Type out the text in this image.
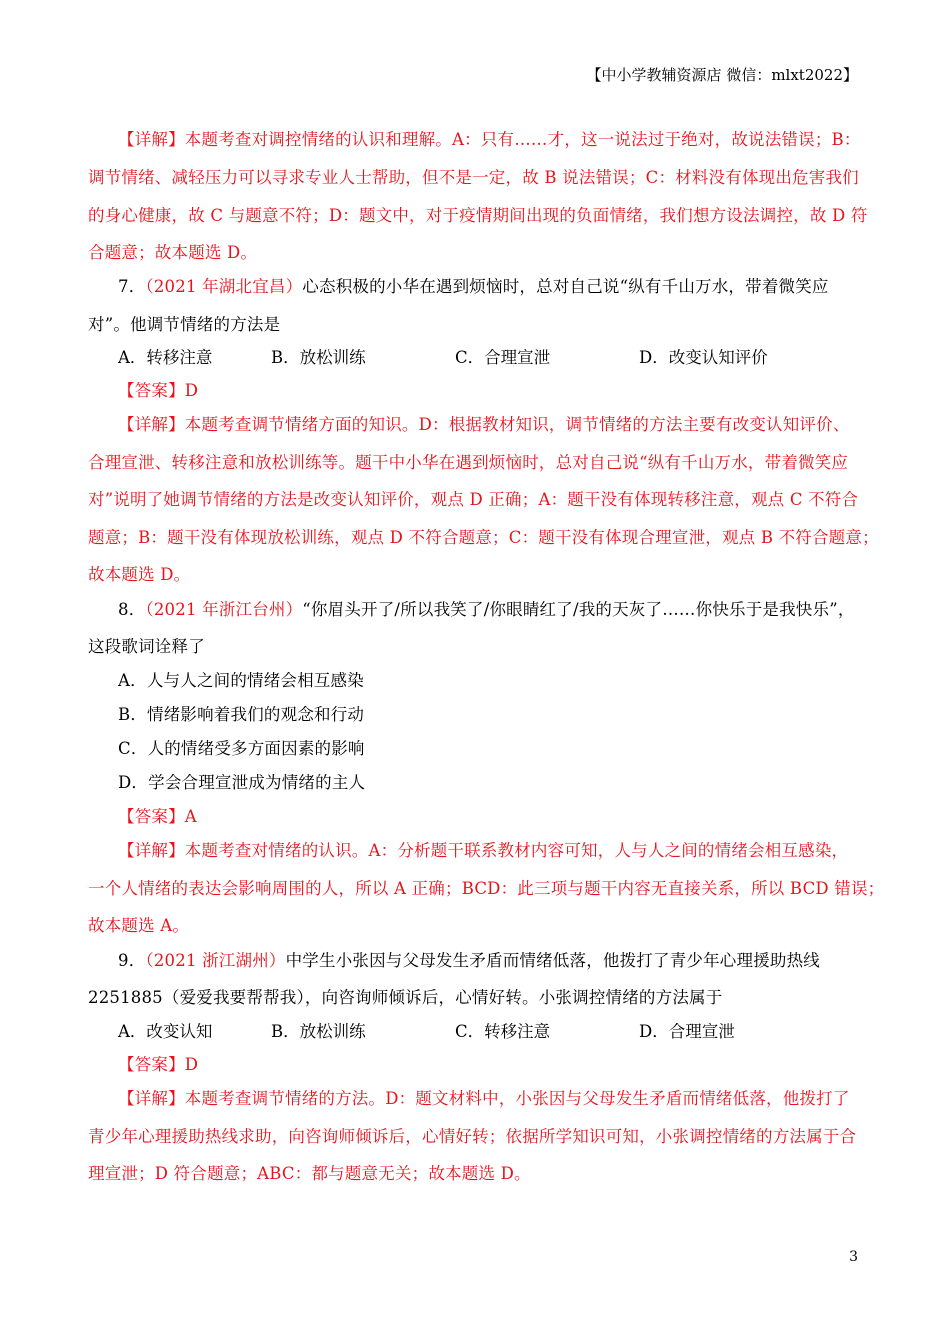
【中小学教辅资源店 微信：mlxt2022】
【详解】本题考查对调控情绪的认识和理解。A：只有……才，这一说法过于绝对，故说法错误；B：
调节情绪、减轻压力可以寻求专业人士帮助，但不是一定，故 B 说法错误；C：材料没有体现出危害我们
的身心健康，故 C 与题意不符；D：题文中，对于疫情期间出现的负面情绪，我们想方设法调控，故 D 符
合题意；故本题选 D。
7．（2021 年湖北宜昌）心态积极的小华在遇到烦恼时，总对自己说“纵有千山万水，带着微笑应
对”。他调节情绪的方法是
A．转移注意	B．放松训练	C．合理宣泄	D．改变认知评价
【答案】D
【详解】本题考查调节情绪方面的知识。D：根据教材知识，调节情绪的方法主要有改变认知评价、
合理宣泄、转移注意和放松训练等。题干中小华在遇到烦恼时，总对自己说“纵有千山万水，带着微笑应
对”说明了她调节情绪的方法是改变认知评价，观点 D 正确；A：题干没有体现转移注意，观点 C 不符合
题意；B：题干没有体现放松训练，观点 D 不符合题意；C：题干没有体现合理宣泄，观点 B 不符合题意；
故本题选 D。
8．（2021 年浙江台州）“你眉头开了/所以我笑了/你眼睛红了/我的天灰了……你快乐于是我快乐”，
这段歌词诠释了
A．人与人之间的情绪会相互感染
B．情绪影响着我们的观念和行动
C．人的情绪受多方面因素的影响
D．学会合理宣泄成为情绪的主人
【答案】A
【详解】本题考查对情绪的认识。A：分析题干联系教材内容可知，人与人之间的情绪会相互感染，
一个人情绪的表达会影响周围的人，所以 A 正确；BCD：此三项与题干内容无直接关系，所以 BCD 错误；
故本题选 A。
9．（2021 浙江湖州）中学生小张因与父母发生矛盾而情绪低落，他拨打了青少年心理援助热线
2251885（爱爱我要帮帮我），向咨询师倾诉后，心情好转。小张调控情绪的方法属于
A．改变认知	B．放松训练	C．转移注意	D．合理宣泄
【答案】D
【详解】本题考查调节情绪的方法。D：题文材料中，小张因与父母发生矛盾而情绪低落，他拨打了
青少年心理援助热线求助，向咨询师倾诉后，心情好转；依据所学知识可知，小张调控情绪的方法属于合
理宣泄；D 符合题意；ABC：都与题意无关；故本题选 D。
3
